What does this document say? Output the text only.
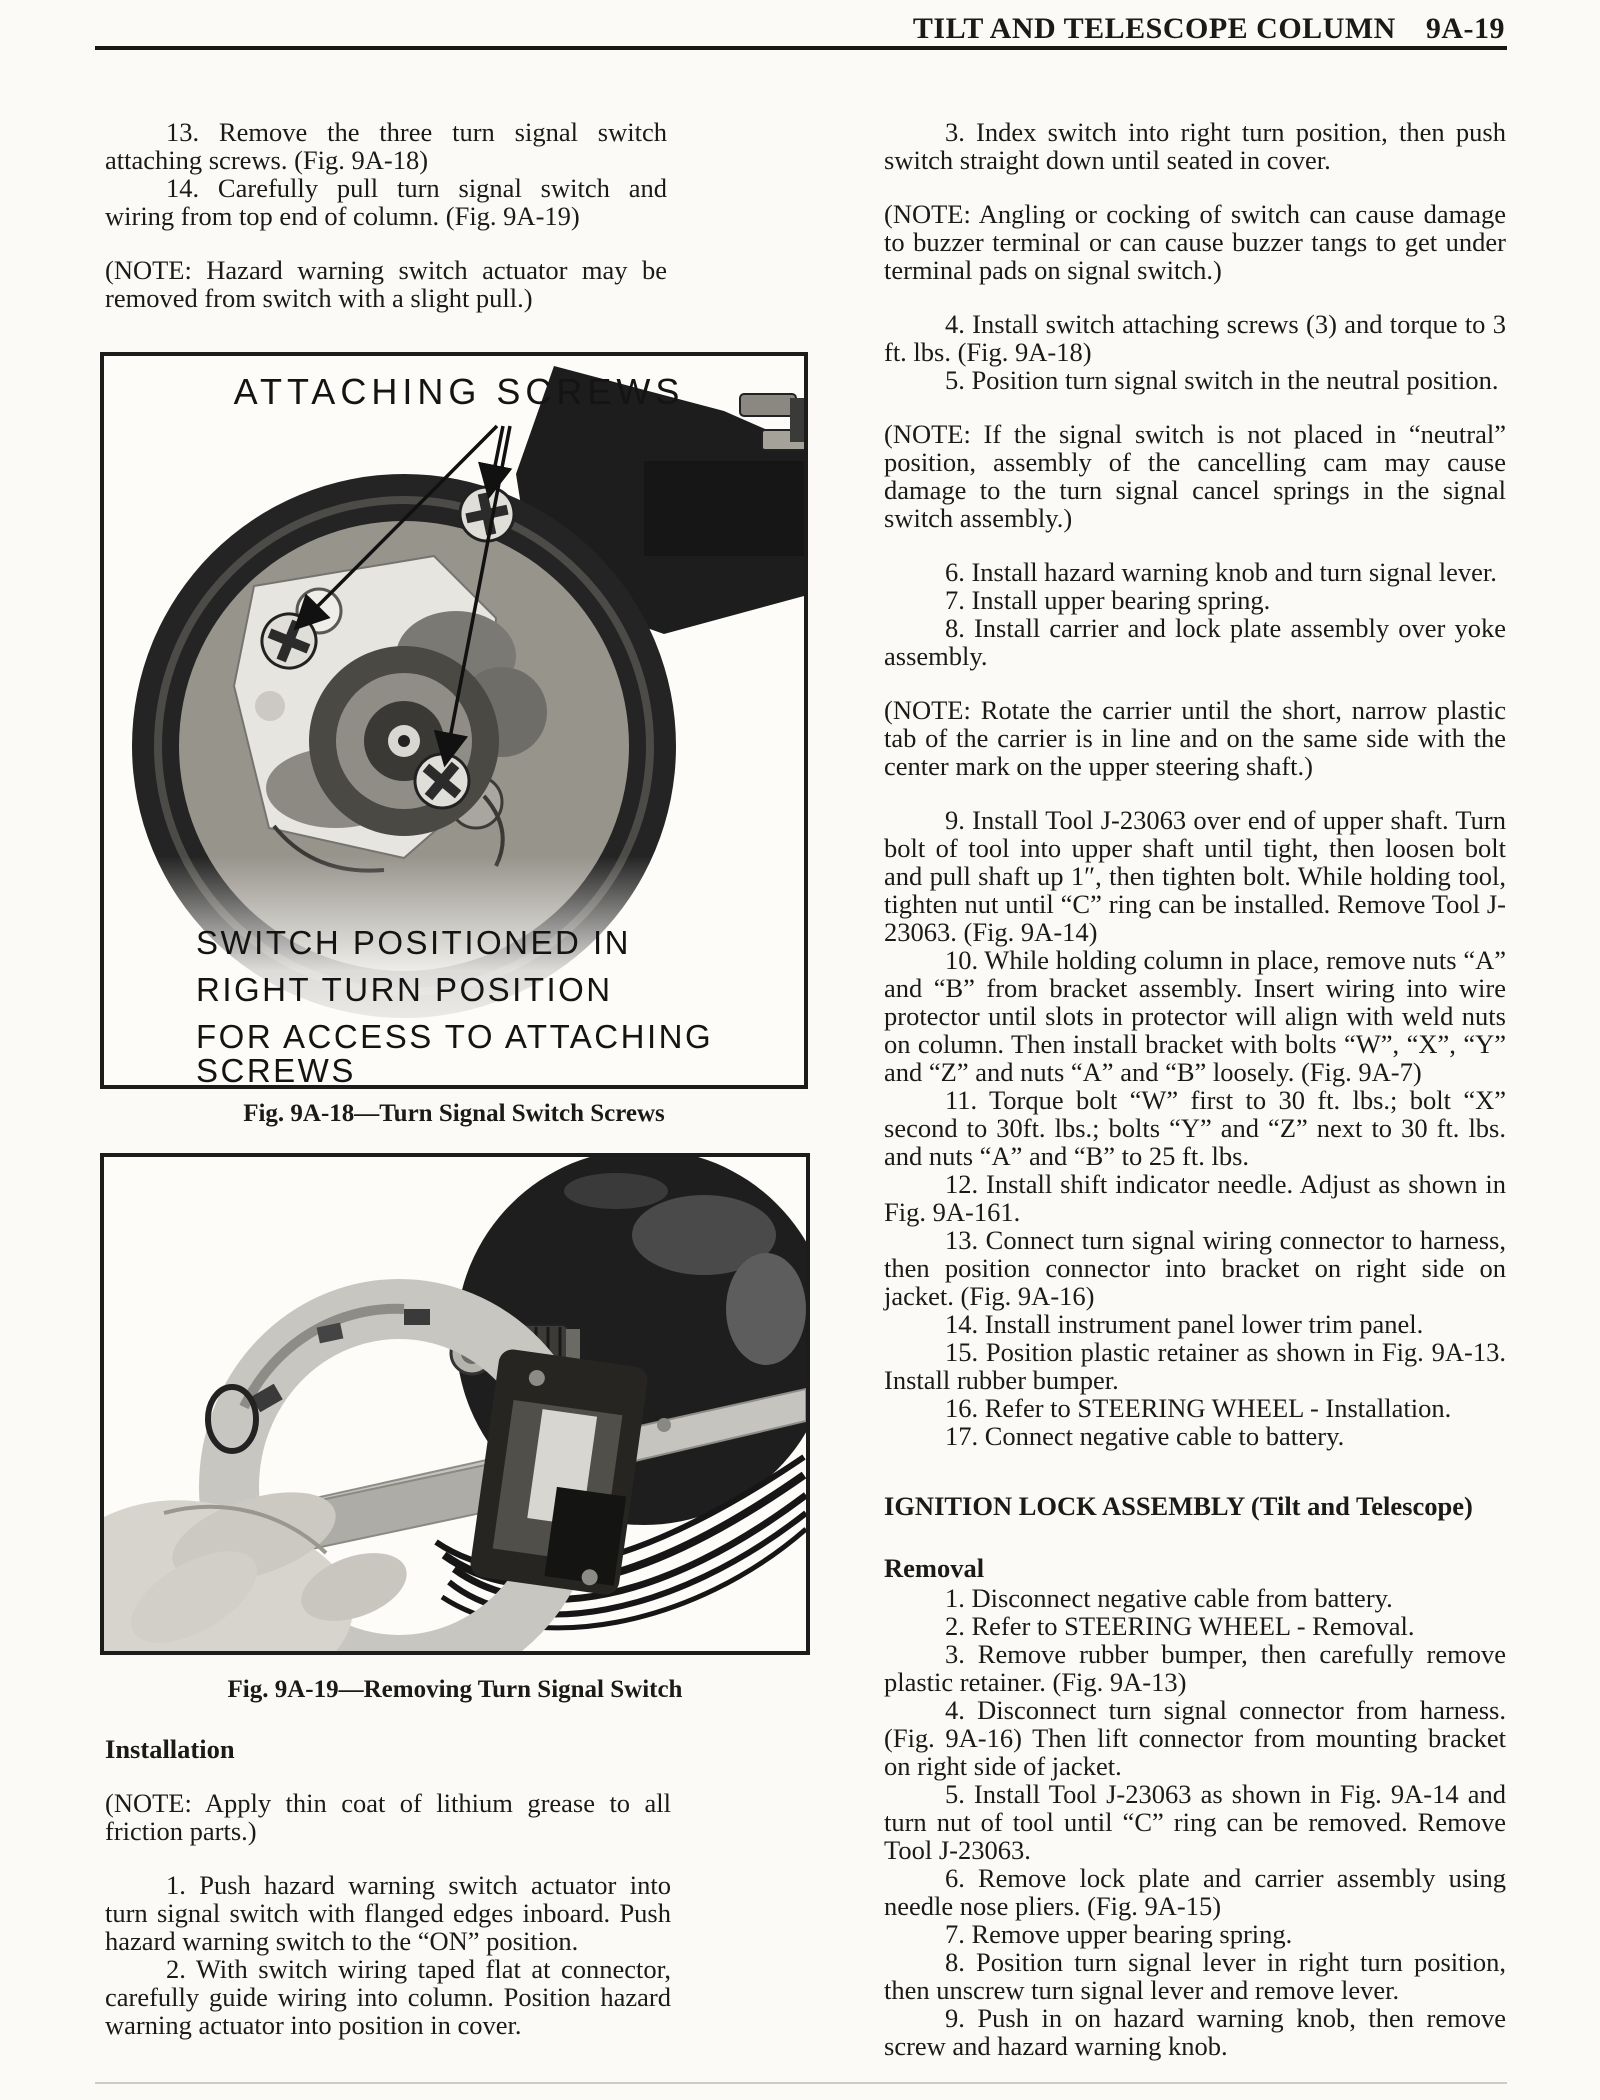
TILT AND TELESCOPE COLUMN 9A-19

13. Remove the three turn signal switch attaching screws. (Fig. 9A-18)

14. Carefully pull turn signal switch and wiring from top end of column. (Fig. 9A-19)

(NOTE: Hazard warning switch actuator may be removed from switch with a slight pull.)

ATTACHING SCREWS
SWITCH POSITIONED IN
RIGHT TURN POSITION
FOR ACCESS TO ATTACHING
SCREWS
Fig. 9A-18—Turn Signal Switch Screws
Fig. 9A-19—Removing Turn Signal Switch

Installation

(NOTE: Apply thin coat of lithium grease to all friction parts.)

1. Push hazard warning switch actuator into turn signal switch with flanged edges inboard. Push hazard warning switch to the “ON” position.

2. With switch wiring taped flat at connector, carefully guide wiring into column. Position hazard warning actuator into position in cover.

3. Index switch into right turn position, then push switch straight down until seated in cover.

(NOTE: Angling or cocking of switch can cause damage to buzzer terminal or can cause buzzer tangs to get under terminal pads on signal switch.)

4. Install switch attaching screws (3) and torque to 3 ft. lbs. (Fig. 9A-18)

5. Position turn signal switch in the neutral position.

(NOTE: If the signal switch is not placed in “neutral” position, assembly of the cancelling cam may cause damage to the turn signal cancel springs in the signal switch assembly.)

6. Install hazard warning knob and turn signal lever.

7. Install upper bearing spring.

8. Install carrier and lock plate assembly over yoke assembly.

(NOTE: Rotate the carrier until the short, narrow plastic tab of the carrier is in line and on the same side with the center mark on the upper steering shaft.)

9. Install Tool J-23063 over end of upper shaft. Turn bolt of tool into upper shaft until tight, then loosen bolt and pull shaft up 1″, then tighten bolt. While holding tool, tighten nut until “C” ring can be installed. Remove Tool J-23063. (Fig. 9A-14)

10. While holding column in place, remove nuts “A” and “B” from bracket assembly. Insert wiring into wire protector until slots in protector will align with weld nuts on column. Then install bracket with bolts “W”, “X”, “Y” and “Z” and nuts “A” and “B” loosely. (Fig. 9A-7)

11. Torque bolt “W” first to 30 ft. lbs.; bolt “X” second to 30ft. lbs.; bolts “Y” and “Z” next to 30 ft. lbs. and nuts “A” and “B” to 25 ft. lbs.

12. Install shift indicator needle. Adjust as shown in Fig. 9A-161.

13. Connect turn signal wiring connector to harness, then position connector into bracket on right side on jacket. (Fig. 9A-16)

14. Install instrument panel lower trim panel.

15. Position plastic retainer as shown in Fig. 9A-13. Install rubber bumper.

16. Refer to STEERING WHEEL - Installation.

17. Connect negative cable to battery.

IGNITION LOCK ASSEMBLY (Tilt and Telescope)

Removal

1. Disconnect negative cable from battery.

2. Refer to STEERING WHEEL - Removal.

3. Remove rubber bumper, then carefully remove plastic retainer. (Fig. 9A-13)

4. Disconnect turn signal connector from harness. (Fig. 9A-16) Then lift connector from mounting bracket on right side of jacket.

5. Install Tool J-23063 as shown in Fig. 9A-14 and turn nut of tool until “C” ring can be removed. Remove Tool J-23063.

6. Remove lock plate and carrier assembly using needle nose pliers. (Fig. 9A-15)

7. Remove upper bearing spring.

8. Position turn signal lever in right turn position, then unscrew turn signal lever and remove lever.

9. Push in on hazard warning knob, then remove screw and hazard warning knob.
